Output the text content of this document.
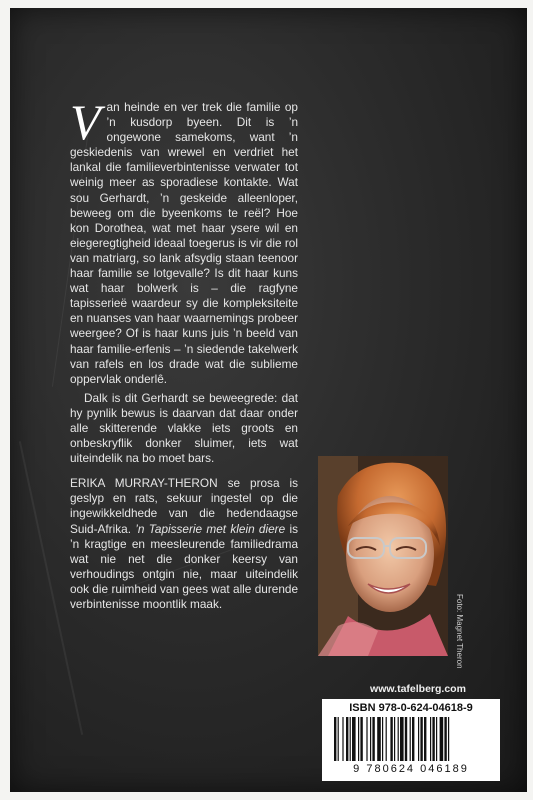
Van heinde en ver trek die familie op ’n kusdorp byeen. Dit is ’n ongewone samekoms, want ’n geskiedenis van wrewel en verdriet het lankal die familieverbintenisse verwater tot weinig meer as sporadiese kontakte. Wat sou Gerhardt, ’n geskeide alleenloper, beweeg om die byeenkoms te reël? Hoe kon Dorothea, wat met haar ysere wil en eiegeregtigheid ideaal toegerus is vir die rol van matriarg, so lank afsydig staan teenoor haar familie se lotgevalle? Is dit haar kuns wat haar bolwerk is – die ragfyne tapisserieë waardeur sy die kompleksiteite en nuanses van haar waarnemings probeer weergee? Of is haar kuns juis ’n beeld van haar familie-erfenis – ’n siedende takelwerk van rafels en los drade wat die sublieme oppervlak onderlê.

Dalk is dit Gerhardt se beweegrede: dat hy pynlik bewus is daarvan dat daar onder alle skitterende vlakke iets groots en onbeskryflik donker sluimer, iets wat uiteindelik na bo moet bars.

ERIKA MURRAY-THERON se prosa is geslyp en rats, sekuur ingestel op die ingewikkeldhede van die hedendaagse Suid-Afrika. ’n Tapisserie met klein diere is ’n kragtige en meesleurende familiedrama wat nie net die donker keersy van verhoudings ontgin nie, maar uiteindelik ook die ruimheid van gees wat alle durende verbintenisse moontlik maak.	Foto: Magnet Theron
www.tafelberg.com
ISBN 978-0-624-04618-9
9 780624 046189
